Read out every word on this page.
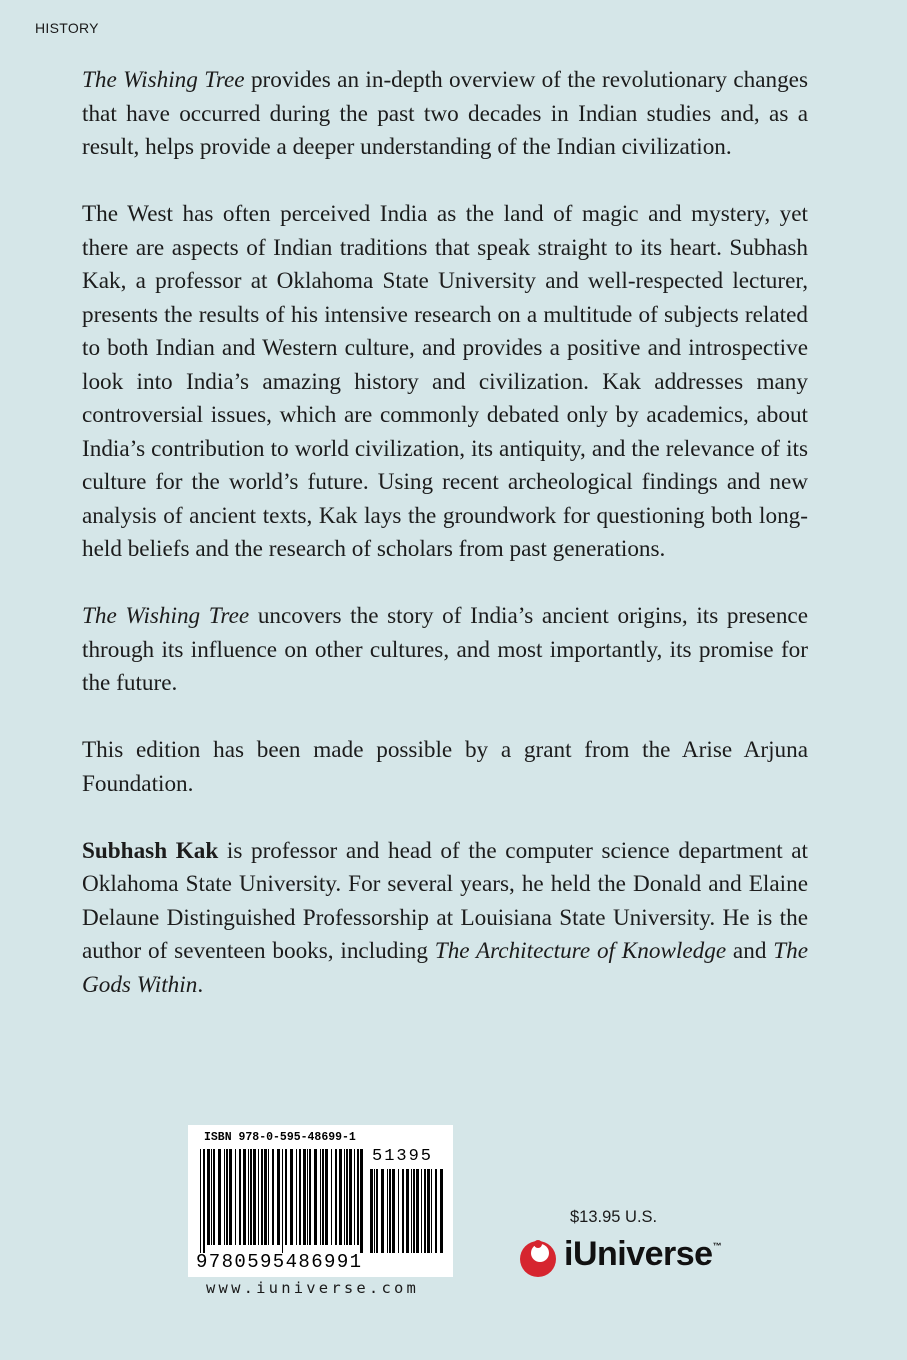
HISTORY

The Wishing Tree provides an in-depth overview of the revolutionary changes that have occurred during the past two decades in Indian studies and, as a result, helps provide a deeper understanding of the Indian civilization.

The West has often perceived India as the land of magic and mystery, yet there are aspects of Indian traditions that speak straight to its heart. Subhash Kak, a professor at Oklahoma State University and well-respected lecturer, presents the results of his intensive research on a multitude of subjects related to both Indian and Western culture, and provides a positive and introspective look into India’s amazing history and civilization. Kak addresses many controversial issues, which are commonly debated only by academics, about India’s contribution to world civilization, its antiquity, and the relevance of its culture for the world’s future. Using recent archeological findings and new analysis of ancient texts, Kak lays the groundwork for questioning both long-held beliefs and the research of scholars from past generations.

The Wishing Tree uncovers the story of India’s ancient origins, its presence through its influence on other cultures, and most importantly, its promise for the future.

This edition has been made possible by a grant from the Arise Arjuna Foundation.

Subhash Kak is professor and head of the computer science department at Oklahoma State University. For several years, he held the Donald and Elaine Delaune Distinguished Professorship at Louisiana State University. He is the author of seventeen books, including The Architecture of Knowledge and The Gods Within.

ISBN 978-0-595-48699-1
51395
9780595486991
www.iuniverse.com
$13.95 U.S.
iUniverse™
